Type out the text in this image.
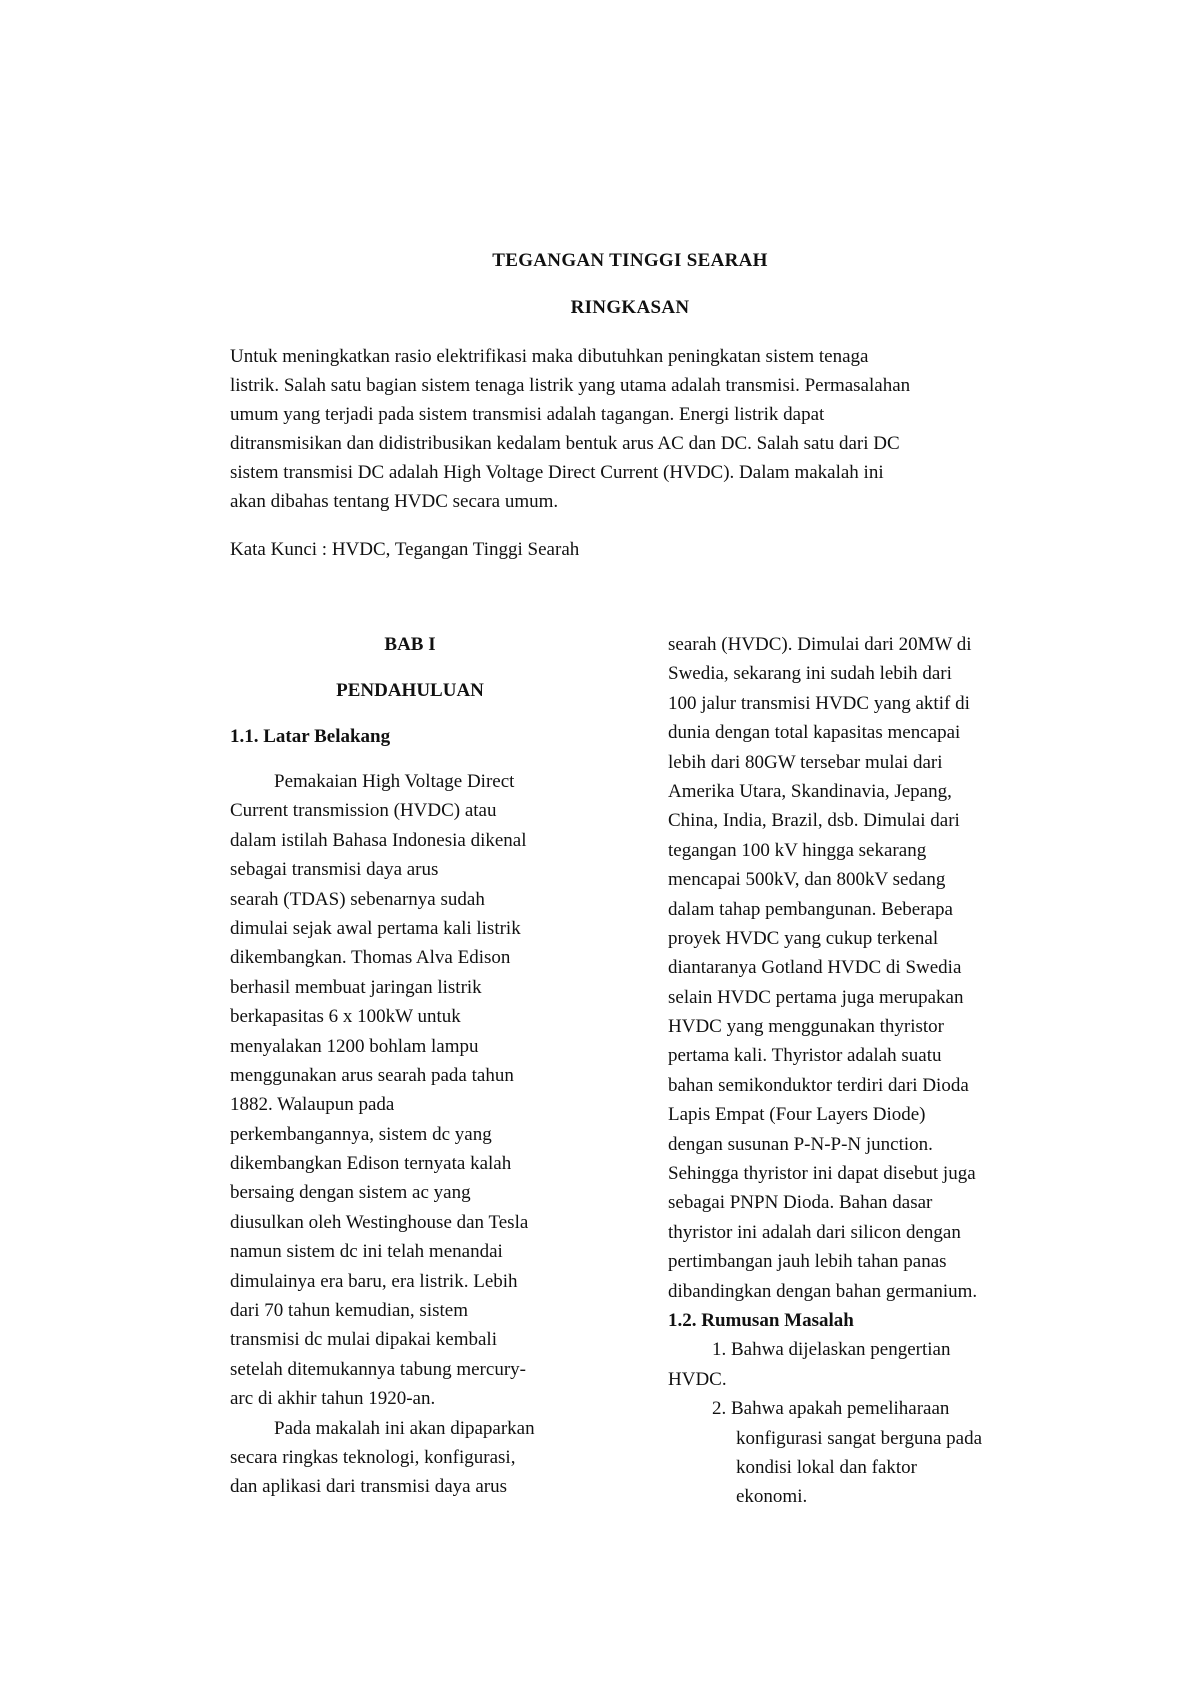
TEGANGAN TINGGI SEARAH
RINGKASAN
Untuk meningkatkan rasio elektrifikasi maka dibutuhkan peningkatan sistem tenaga
listrik. Salah satu bagian sistem tenaga listrik yang utama adalah transmisi. Permasalahan
umum yang terjadi pada sistem transmisi adalah tagangan. Energi listrik dapat
ditransmisikan dan didistribusikan kedalam bentuk arus AC dan DC. Salah satu dari DC
sistem transmisi DC adalah High Voltage Direct Current (HVDC). Dalam makalah ini
akan dibahas tentang HVDC secara umum.

Kata Kunci : HVDC, Tegangan Tinggi Searah

BAB I
PENDAHULUAN
1.1. Latar Belakang
Pemakaian High Voltage Direct
Current transmission (HVDC) atau
dalam istilah Bahasa Indonesia dikenal
sebagai transmisi daya arus
searah (TDAS) sebenarnya sudah
dimulai sejak awal pertama kali listrik
dikembangkan. Thomas Alva Edison
berhasil membuat jaringan listrik
berkapasitas 6 x 100kW untuk
menyalakan 1200 bohlam lampu
menggunakan arus searah pada tahun
1882. Walaupun pada
perkembangannya, sistem dc yang
dikembangkan Edison ternyata kalah
bersaing dengan sistem ac yang
diusulkan oleh Westinghouse dan Tesla
namun sistem dc ini telah menandai
dimulainya era baru, era listrik. Lebih
dari 70 tahun kemudian, sistem
transmisi dc mulai dipakai kembali
setelah ditemukannya tabung mercury-
arc di akhir tahun 1920-an.
Pada makalah ini akan dipaparkan
secara ringkas teknologi, konfigurasi,
dan aplikasi dari transmisi daya arus
searah (HVDC). Dimulai dari 20MW di
Swedia, sekarang ini sudah lebih dari
100 jalur transmisi HVDC yang aktif di
dunia dengan total kapasitas mencapai
lebih dari 80GW tersebar mulai dari
Amerika Utara, Skandinavia, Jepang,
China, India, Brazil, dsb. Dimulai dari
tegangan 100 kV hingga sekarang
mencapai 500kV, dan 800kV sedang
dalam tahap pembangunan. Beberapa
proyek HVDC yang cukup terkenal
diantaranya Gotland HVDC di Swedia
selain HVDC pertama juga merupakan
HVDC yang menggunakan thyristor
pertama kali. Thyristor adalah suatu
bahan semikonduktor terdiri dari Dioda
Lapis Empat (Four Layers Diode)
dengan susunan P-N-P-N junction.
Sehingga thyristor ini dapat disebut juga
sebagai PNPN Dioda. Bahan dasar
thyristor ini adalah dari silicon dengan
pertimbangan jauh lebih tahan panas
dibandingkan dengan bahan germanium.
1.2. Rumusan Masalah
1. Bahwa dijelaskan pengertian
HVDC.
2. Bahwa apakah pemeliharaan
konfigurasi sangat berguna pada
kondisi lokal dan faktor
ekonomi.
